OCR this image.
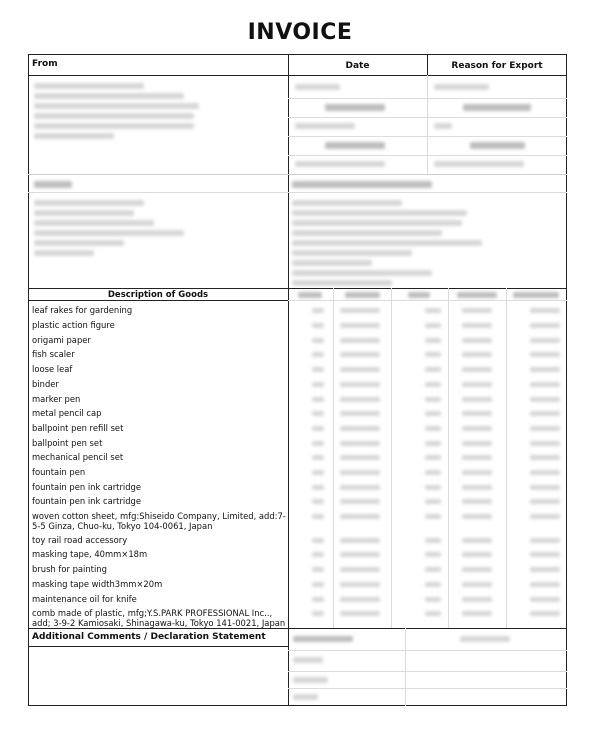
INVOICE
From	Date	Reason for Export
Description of Goods
leaf rakes for gardening
plastic action figure
origami paper
fish scaler
loose leaf
binder
marker pen
metal pencil cap
ballpoint pen refill set
ballpoint pen set
mechanical pencil set
fountain pen
fountain pen ink cartridge
fountain pen ink cartridge
woven cotton sheet, mfg:Shiseido Company, Limited, add:7-5-5 Ginza, Chuo-ku, Tokyo 104-0061, Japan
toy rail road accessory
masking tape, 40mm×18m
brush for painting
masking tape width3mm×20m
maintenance oil for knife
comb made of plastic, mfg;Y.S.PARK PROFESSIONAL Inc.., add; 3-9-2 Kamiosaki, Shinagawa-ku, Tokyo 141-0021, Japan
Additional Comments / Declaration Statement
